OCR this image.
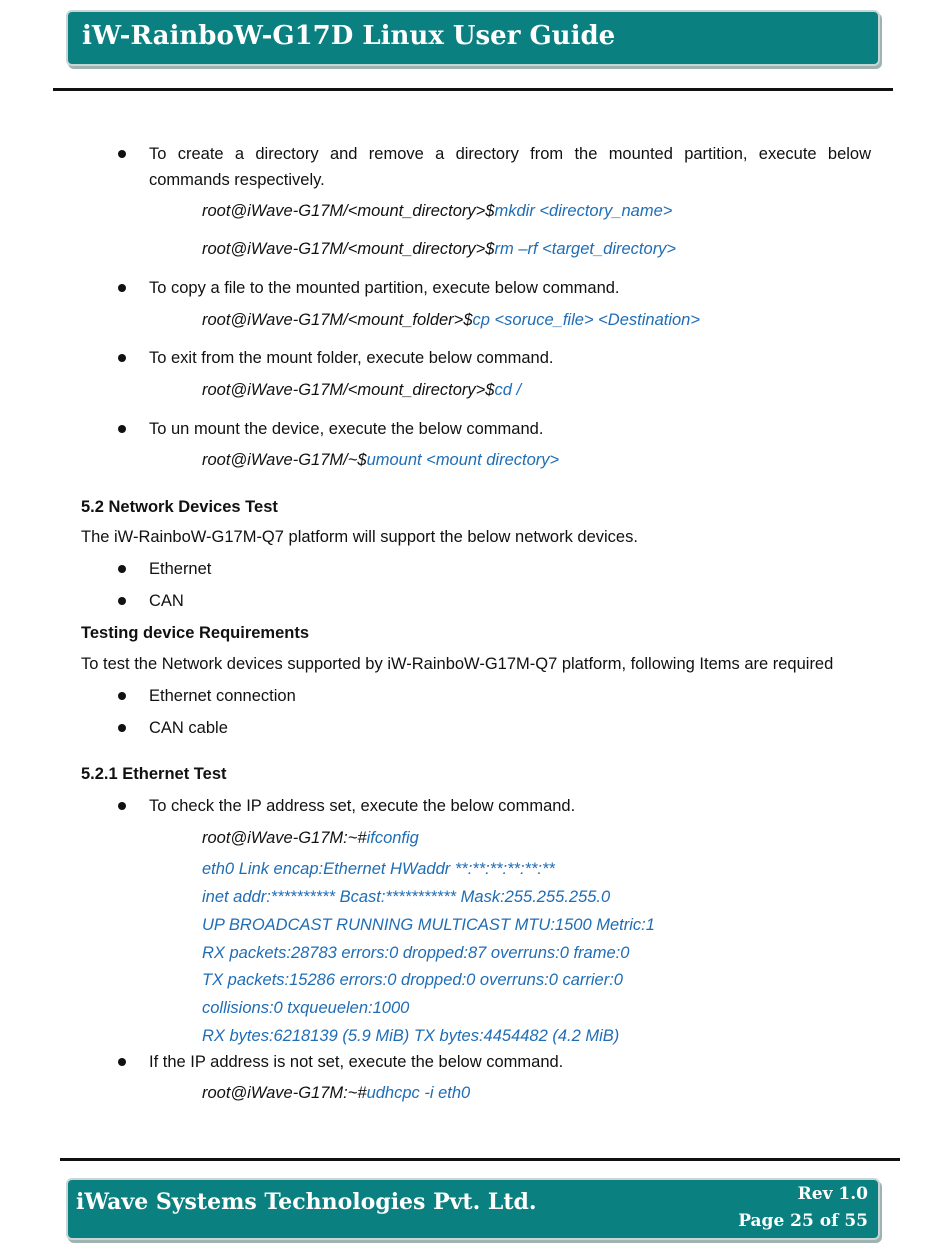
iW-RainboW-G17D Linux User Guide
To create a directory and remove a directory from the mounted partition, execute below
commands respectively.
root@iWave-G17M/<mount_directory>$mkdir <directory_name>
root@iWave-G17M/<mount_directory>$rm –rf <target_directory>
To copy a file to the mounted partition, execute below command.
root@iWave-G17M/<mount_folder>$cp <soruce_file> <Destination>
To exit from the mount folder, execute below command.
root@iWave-G17M/<mount_directory>$cd /
To un mount the device, execute the below command.
root@iWave-G17M/~$umount <mount directory>
5.2 Network Devices Test
The iW-RainboW-G17M-Q7 platform will support the below network devices.
Ethernet
CAN
Testing device Requirements
To test the Network devices supported by iW-RainboW-G17M-Q7 platform, following Items are required
Ethernet connection
CAN cable
5.2.1 Ethernet Test
To check the IP address set, execute the below command.
root@iWave-G17M:~#ifconfig
eth0 Link encap:Ethernet HWaddr **:**:**:**:**:**
inet addr:********** Bcast:*********** Mask:255.255.255.0
UP BROADCAST RUNNING MULTICAST MTU:1500 Metric:1
RX packets:28783 errors:0 dropped:87 overruns:0 frame:0
TX packets:15286 errors:0 dropped:0 overruns:0 carrier:0
collisions:0 txqueuelen:1000
RX bytes:6218139 (5.9 MiB) TX bytes:4454482 (4.2 MiB)
If the IP address is not set, execute the below command.
root@iWave-G17M:~#udhcpc -i eth0
iWave Systems Technologies Pvt. Ltd.	Rev 1.0
Page 25 of 55
